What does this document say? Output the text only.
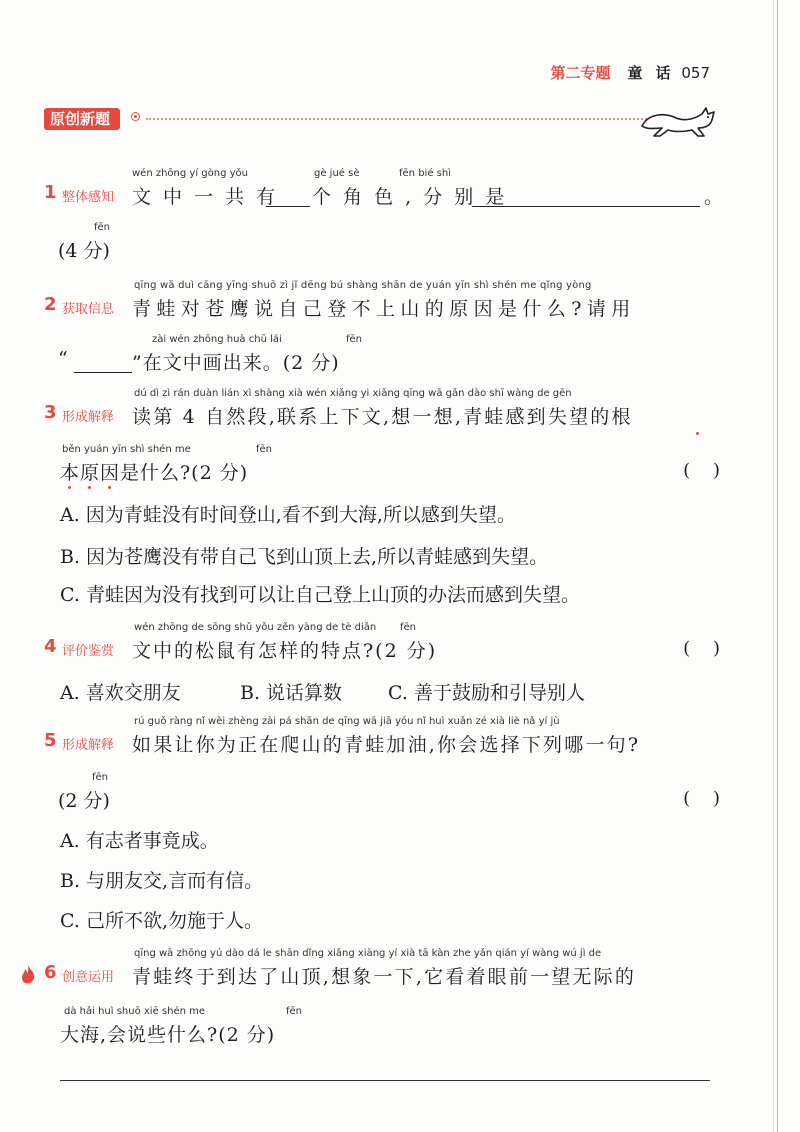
第二专题 童 话 057
原创新题
1 整体感知
wén zhōng yí gòng yǒu	gè jué sè	fēn bié shì
文 中 一 共 有 个 角 色 , 分 别 是	。
fēn
(4 分)
2 获取信息
qīng wā duì cāng yīng shuō zì jǐ dēng bú shàng shān de yuán yīn shì shén me qǐng yòng
青蛙对苍鹰说自己登不上山的原因是什么?请用
zài wén zhōng huà chū lái	fēn
“	”在文中画出来。(2 分)
3 形成解释
dú dì zì rán duàn lián xì shàng xià wén xiǎng yi xiǎng qīng wā gǎn dào shī wàng de gēn
读第 4 自然段,联系上下文,想一想,青蛙感到失望的根
běn yuán yīn shì shén me	fēn
本原因是什么?(2 分)	(    )
A. 因为青蛙没有时间登山,看不到大海,所以感到失望。
B. 因为苍鹰没有带自己飞到山顶上去,所以青蛙感到失望。
C. 青蛙因为没有找到可以让自己登上山顶的办法而感到失望。
4 评价鉴赏
wén zhōng de sōng shǔ yǒu zěn yàng de tè diǎn fēn
文中的松鼠有怎样的特点?(2 分)	(    )
A. 喜欢交朋友	B. 说话算数 C. 善于鼓励和引导别人
5 形成解释
rú guǒ ràng nǐ wèi zhèng zài pá shān de qīng wā jiā yóu nǐ huì xuǎn zé xià liè nǎ yí jù
如果让你为正在爬山的青蛙加油,你会选择下列哪一句?
fēn
(2 分)	(    )
A. 有志者事竟成。
B. 与朋友交,言而有信。
C. 己所不欲,勿施于人。
6 创意运用
qīng wā zhōng yú dào dá le shān dǐng xiǎng xiàng yí xià tā kàn zhe yǎn qián yí wàng wú jì de
青蛙终于到达了山顶,想象一下,它看着眼前一望无际的
dà hǎi huì shuō xiē shén me	fēn
大海,会说些什么?(2 分)
